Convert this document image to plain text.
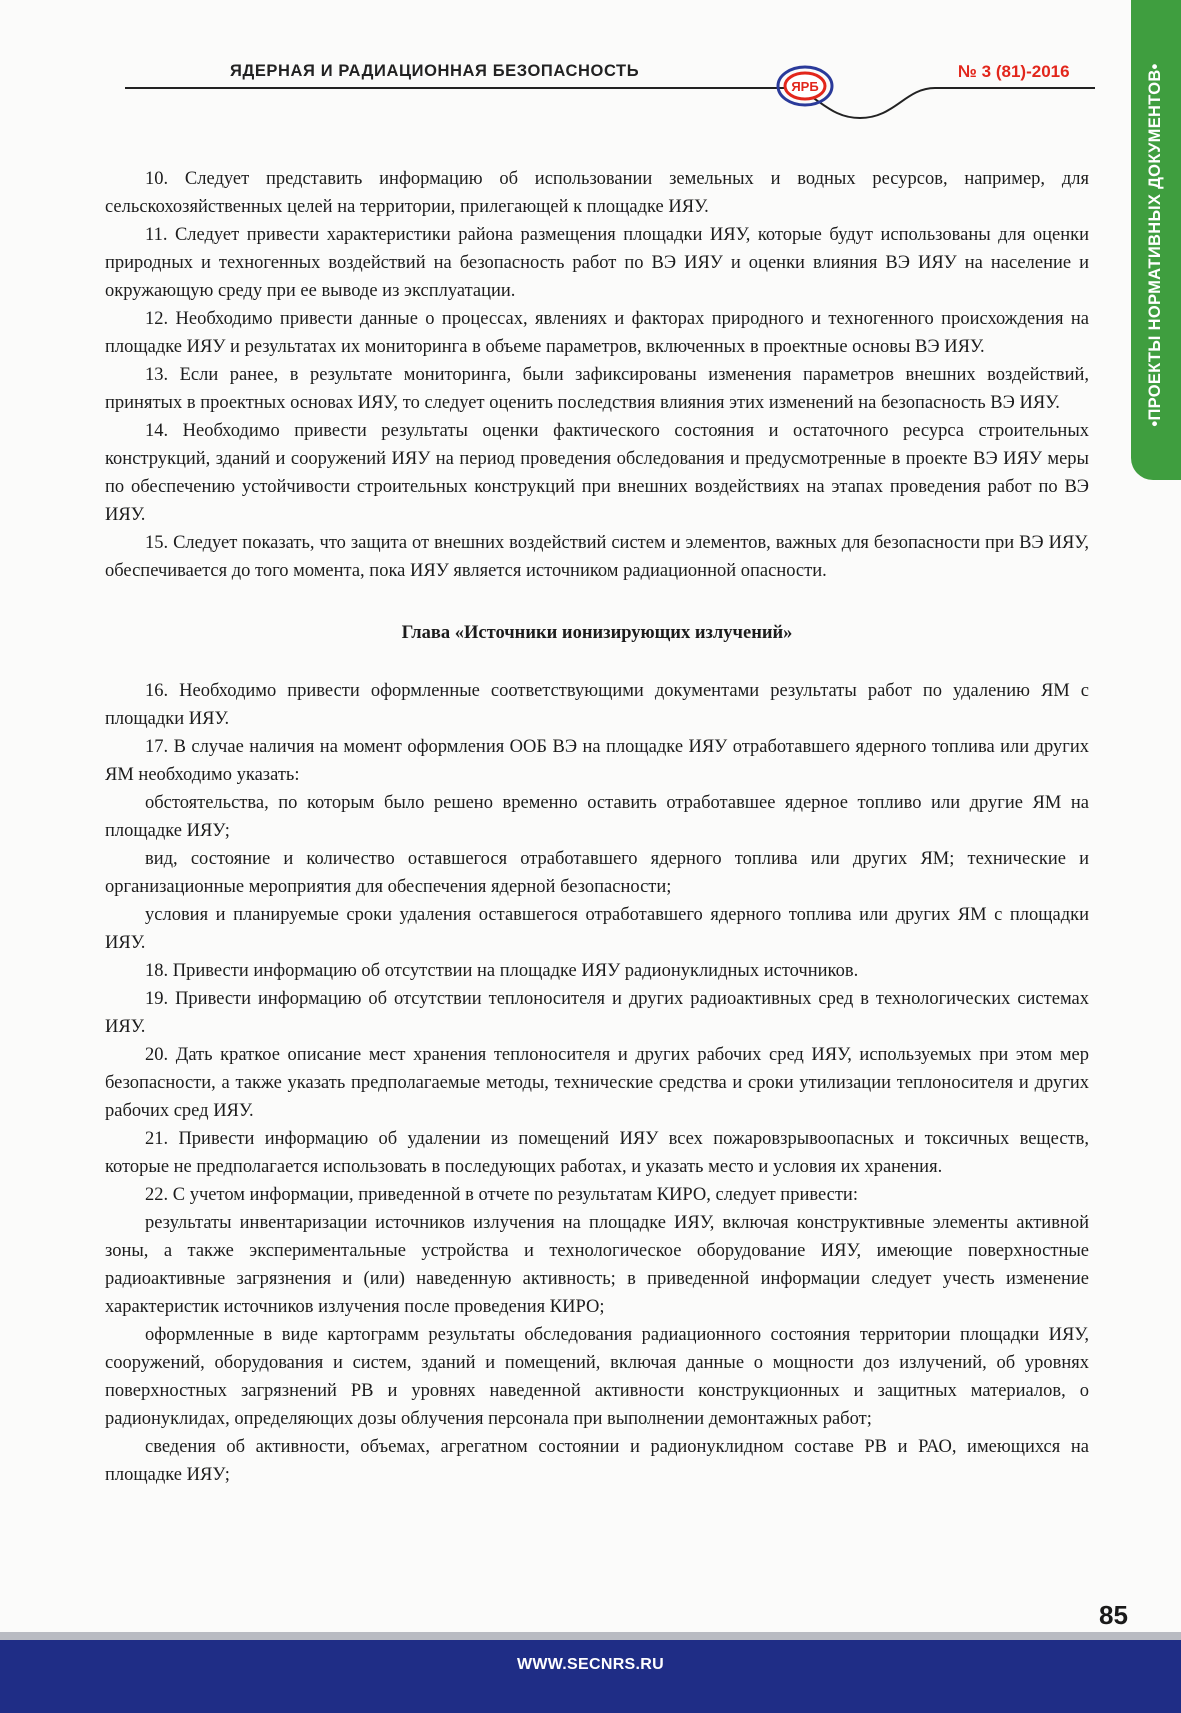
ЯДЕРНАЯ И РАДИАЦИОННАЯ БЕЗОПАСНОСТЬ
ЯРБ
№ 3 (81)-2016	•ПРОЕКТЫ НОРМАТИВНЫХ ДОКУМЕНТОВ•

10. Следует представить информацию об использовании земельных и водных ресурсов, например, для сельскохозяйственных целей на территории, прилегающей к площадке ИЯУ.

11. Следует привести характеристики района размещения площадки ИЯУ, которые будут использованы для оценки природных и техногенных воздействий на безопасность работ по ВЭ ИЯУ и оценки влияния ВЭ ИЯУ на население и окружающую среду при ее выводе из эксплуатации.

12. Необходимо привести данные о процессах, явлениях и факторах природного и техногенного происхождения на площадке ИЯУ и результатах их мониторинга в объеме параметров, включенных в проектные основы ВЭ ИЯУ.

13. Если ранее, в результате мониторинга, были зафиксированы изменения параметров внешних воздействий, принятых в проектных основах ИЯУ, то следует оценить последствия влияния этих изменений на безопасность ВЭ ИЯУ.

14. Необходимо привести результаты оценки фактического состояния и остаточного ресурса строительных конструкций, зданий и сооружений ИЯУ на период проведения обследования и предусмотренные в проекте ВЭ ИЯУ меры по обеспечению устойчивости строительных конструкций при внешних воздействиях на этапах проведения работ по ВЭ ИЯУ.

15. Следует показать, что защита от внешних воздействий систем и элементов, важных для безопасности при ВЭ ИЯУ, обеспечивается до того момента, пока ИЯУ является источником радиационной опасности.

Глава «Источники ионизирующих излучений»

16. Необходимо привести оформленные соответствующими документами результаты работ по удалению ЯМ с площадки ИЯУ.

17. В случае наличия на момент оформления ООБ ВЭ на площадке ИЯУ отработавшего ядерного топлива или других ЯМ необходимо указать:

обстоятельства, по которым было решено временно оставить отработавшее ядерное топливо или другие ЯМ на площадке ИЯУ;

вид, состояние и количество оставшегося отработавшего ядерного топлива или других ЯМ; технические и организационные мероприятия для обеспечения ядерной безопасности;

условия и планируемые сроки удаления оставшегося отработавшего ядерного топлива или других ЯМ с площадки ИЯУ.

18. Привести информацию об отсутствии на площадке ИЯУ радионуклидных источников.

19. Привести информацию об отсутствии теплоносителя и других радиоактивных сред в технологических системах ИЯУ.

20. Дать краткое описание мест хранения теплоносителя и других рабочих сред ИЯУ, используемых при этом мер безопасности, а также указать предполагаемые методы, технические средства и сроки утилизации теплоносителя и других рабочих сред ИЯУ.

21. Привести информацию об удалении из помещений ИЯУ всех пожаровзрывоопасных и токсичных веществ, которые не предполагается использовать в последующих работах, и указать место и условия их хранения.

22. С учетом информации, приведенной в отчете по результатам КИРО, следует привести:

результаты инвентаризации источников излучения на площадке ИЯУ, включая конструктивные элементы активной зоны, а также экспериментальные устройства и технологическое оборудование ИЯУ, имеющие поверхностные радиоактивные загрязнения и (или) наведенную активность; в приведенной информации следует учесть изменение характеристик источников излучения после проведения КИРО;

оформленные в виде картограмм результаты обследования радиационного состояния территории площадки ИЯУ, сооружений, оборудования и систем, зданий и помещений, включая данные о мощности доз излучений, об уровнях поверхностных загрязнений РВ и уровнях наведенной активности конструкционных и защитных материалов, о радионуклидах, определяющих дозы облучения персонала при выполнении демонтажных работ;

сведения об активности, объемах, агрегатном состоянии и радионуклидном составе РВ и РАО, имеющихся на площадке ИЯУ;

85
WWW.SECNRS.RU
